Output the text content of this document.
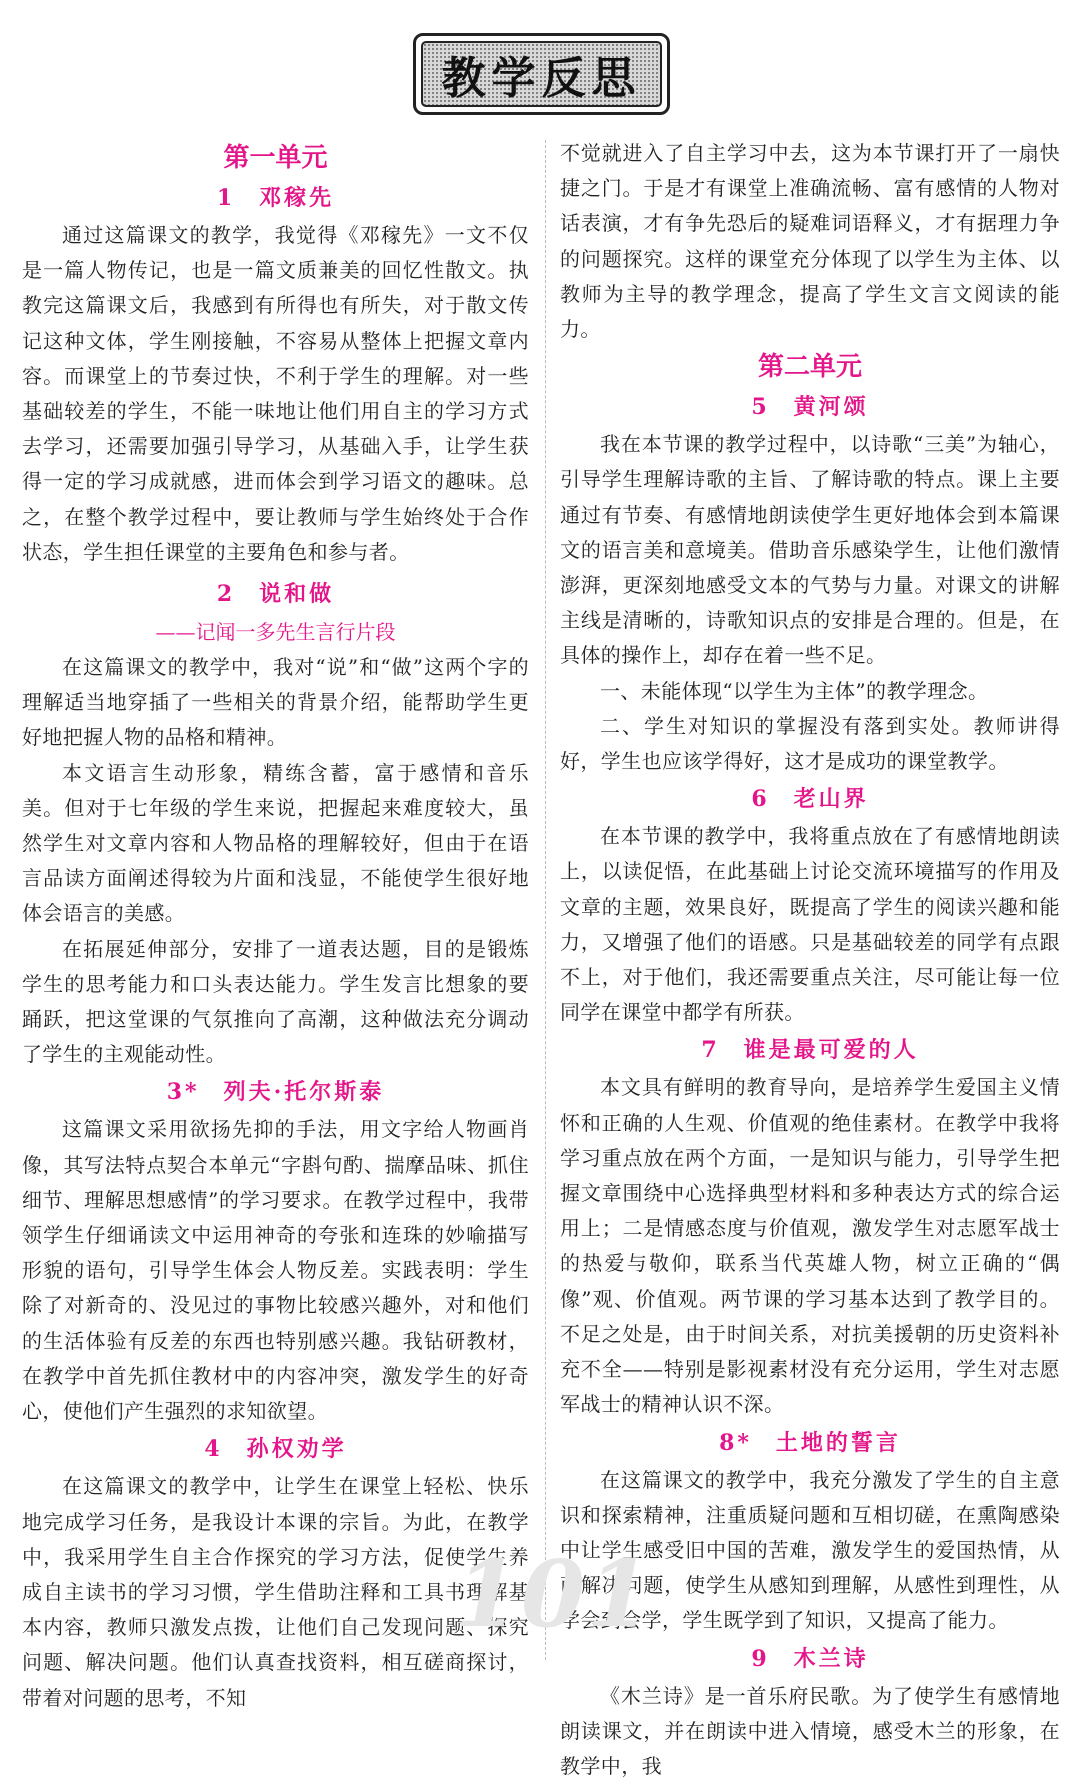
教学反思
第一单元
1 邓稼先

通过这篇课文的教学，我觉得《邓稼先》一文不仅是一篇人物传记，也是一篇文质兼美的回忆性散文。执教完这篇课文后，我感到有所得也有所失，对于散文传记这种文体，学生刚接触，不容易从整体上把握文章内容。而课堂上的节奏过快，不利于学生的理解。对一些基础较差的学生，不能一味地让他们用自主的学习方式去学习，还需要加强引导学习，从基础入手，让学生获得一定的学习成就感，进而体会到学习语文的趣味。总之，在整个教学过程中，要让教师与学生始终处于合作状态，学生担任课堂的主要角色和参与者。

2 说和做

——记闻一多先生言行片段

在这篇课文的教学中，我对“说”和“做”这两个字的理解适当地穿插了一些相关的背景介绍，能帮助学生更好地把握人物的品格和精神。

本文语言生动形象，精练含蓄，富于感情和音乐美。但对于七年级的学生来说，把握起来难度较大，虽然学生对文章内容和人物品格的理解较好，但由于在语言品读方面阐述得较为片面和浅显，不能使学生很好地体会语言的美感。

在拓展延伸部分，安排了一道表达题，目的是锻炼学生的思考能力和口头表达能力。学生发言比想象的要踊跃，把这堂课的气氛推向了高潮，这种做法充分调动了学生的主观能动性。

3* 列夫·托尔斯泰

这篇课文采用欲扬先抑的手法，用文字给人物画肖像，其写法特点契合本单元“字斟句酌、揣摩品味、抓住细节、理解思想感情”的学习要求。在教学过程中，我带领学生仔细诵读文中运用神奇的夸张和连珠的妙喻描写形貌的语句，引导学生体会人物反差。实践表明：学生除了对新奇的、没见过的事物比较感兴趣外，对和他们的生活体验有反差的东西也特别感兴趣。我钻研教材，在教学中首先抓住教材中的内容冲突，激发学生的好奇心，使他们产生强烈的求知欲望。

4 孙权劝学

在这篇课文的教学中，让学生在课堂上轻松、快乐地完成学习任务，是我设计本课的宗旨。为此，在教学中，我采用学生自主合作探究的学习方法，促使学生养成自主读书的学习习惯，学生借助注释和工具书理解基本内容，教师只激发点拨，让他们自己发现问题、探究问题、解决问题。他们认真查找资料，相互磋商探讨，带着对问题的思考，不知

不觉就进入了自主学习中去，这为本节课打开了一扇快捷之门。于是才有课堂上准确流畅、富有感情的人物对话表演，才有争先恐后的疑难词语释义，才有据理力争的问题探究。这样的课堂充分体现了以学生为主体、以教师为主导的教学理念，提高了学生文言文阅读的能力。

第二单元
5 黄河颂

我在本节课的教学过程中，以诗歌“三美”为轴心，引导学生理解诗歌的主旨、了解诗歌的特点。课上主要通过有节奏、有感情地朗读使学生更好地体会到本篇课文的语言美和意境美。借助音乐感染学生，让他们激情澎湃，更深刻地感受文本的气势与力量。对课文的讲解主线是清晰的，诗歌知识点的安排是合理的。但是，在具体的操作上，却存在着一些不足。

一、未能体现“以学生为主体”的教学理念。

二、学生对知识的掌握没有落到实处。教师讲得好，学生也应该学得好，这才是成功的课堂教学。

6 老山界

在本节课的教学中，我将重点放在了有感情地朗读上，以读促悟，在此基础上讨论交流环境描写的作用及文章的主题，效果良好，既提高了学生的阅读兴趣和能力，又增强了他们的语感。只是基础较差的同学有点跟不上，对于他们，我还需要重点关注，尽可能让每一位同学在课堂中都学有所获。

7 谁是最可爱的人

本文具有鲜明的教育导向，是培养学生爱国主义情怀和正确的人生观、价值观的绝佳素材。在教学中我将学习重点放在两个方面，一是知识与能力，引导学生把握文章围绕中心选择典型材料和多种表达方式的综合运用上；二是情感态度与价值观，激发学生对志愿军战士的热爱与敬仰，联系当代英雄人物，树立正确的“偶像”观、价值观。两节课的学习基本达到了教学目的。不足之处是，由于时间关系，对抗美援朝的历史资料补充不全——特别是影视素材没有充分运用，学生对志愿军战士的精神认识不深。

8* 土地的誓言

在这篇课文的教学中，我充分激发了学生的自主意识和探索精神，注重质疑问题和互相切磋，在熏陶感染中让学生感受旧中国的苦难，激发学生的爱国热情，从而解决问题，使学生从感知到理解，从感性到理性，从学会到会学，学生既学到了知识，又提高了能力。

9 木兰诗

《木兰诗》是一首乐府民歌。为了使学生有感情地朗读课文，并在朗读中进入情境，感受木兰的形象，在教学中，我

101
